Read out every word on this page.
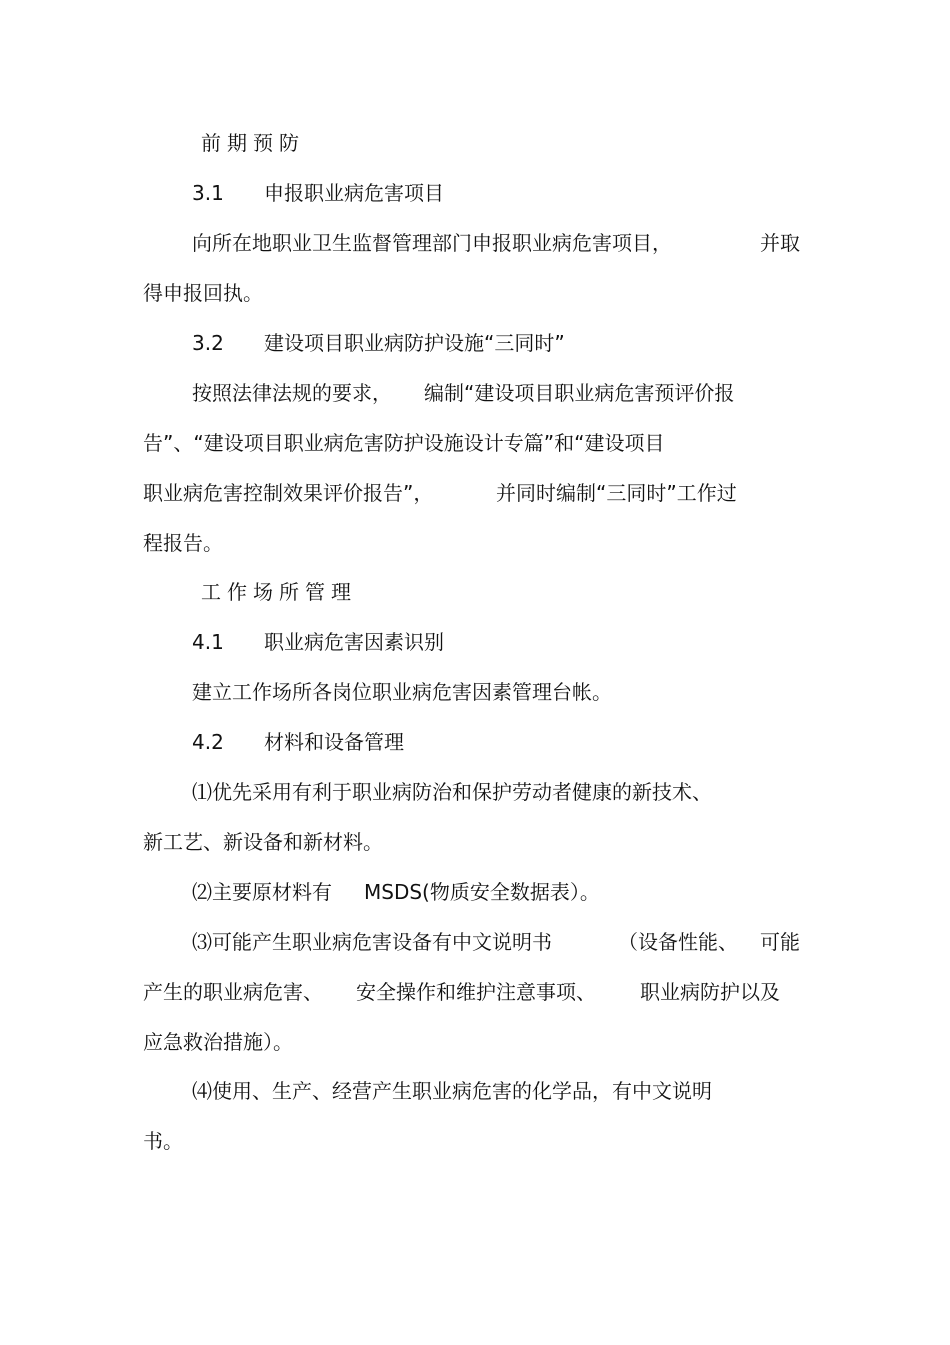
前期预防

3.1 申报职业病危害项目

向所在地职业卫生监督管理部门申报职业病危害项目，	并取

得申报回执。

3.2 建设项目职业病防护设施“三同时”

按照法律法规的要求， 编制“建设项目职业病危害预评价报

告”、“建设项目职业病危害防护设施设计专篇”和“建设项目

职业病危害控制效果评价报告”，	并同时编制“三同时”工作过

程报告。

工作场所管理

4.1 职业病危害因素识别

建立工作场所各岗位职业病危害因素管理台帐。

4.2 材料和设备管理

⑴优先采用有利于职业病防治和保护劳动者健康的新技术、

新工艺、新设备和新材料。

⑵主要原材料有 MSDS(物质安全数据表）。

⑶可能产生职业病危害设备有中文说明书	（设备性能、 可能

产生的职业病危害、 安全操作和维护注意事项、 职业病防护以及

应急救治措施）。

⑷使用、生产、经营产生职业病危害的化学品，有中文说明

书。
